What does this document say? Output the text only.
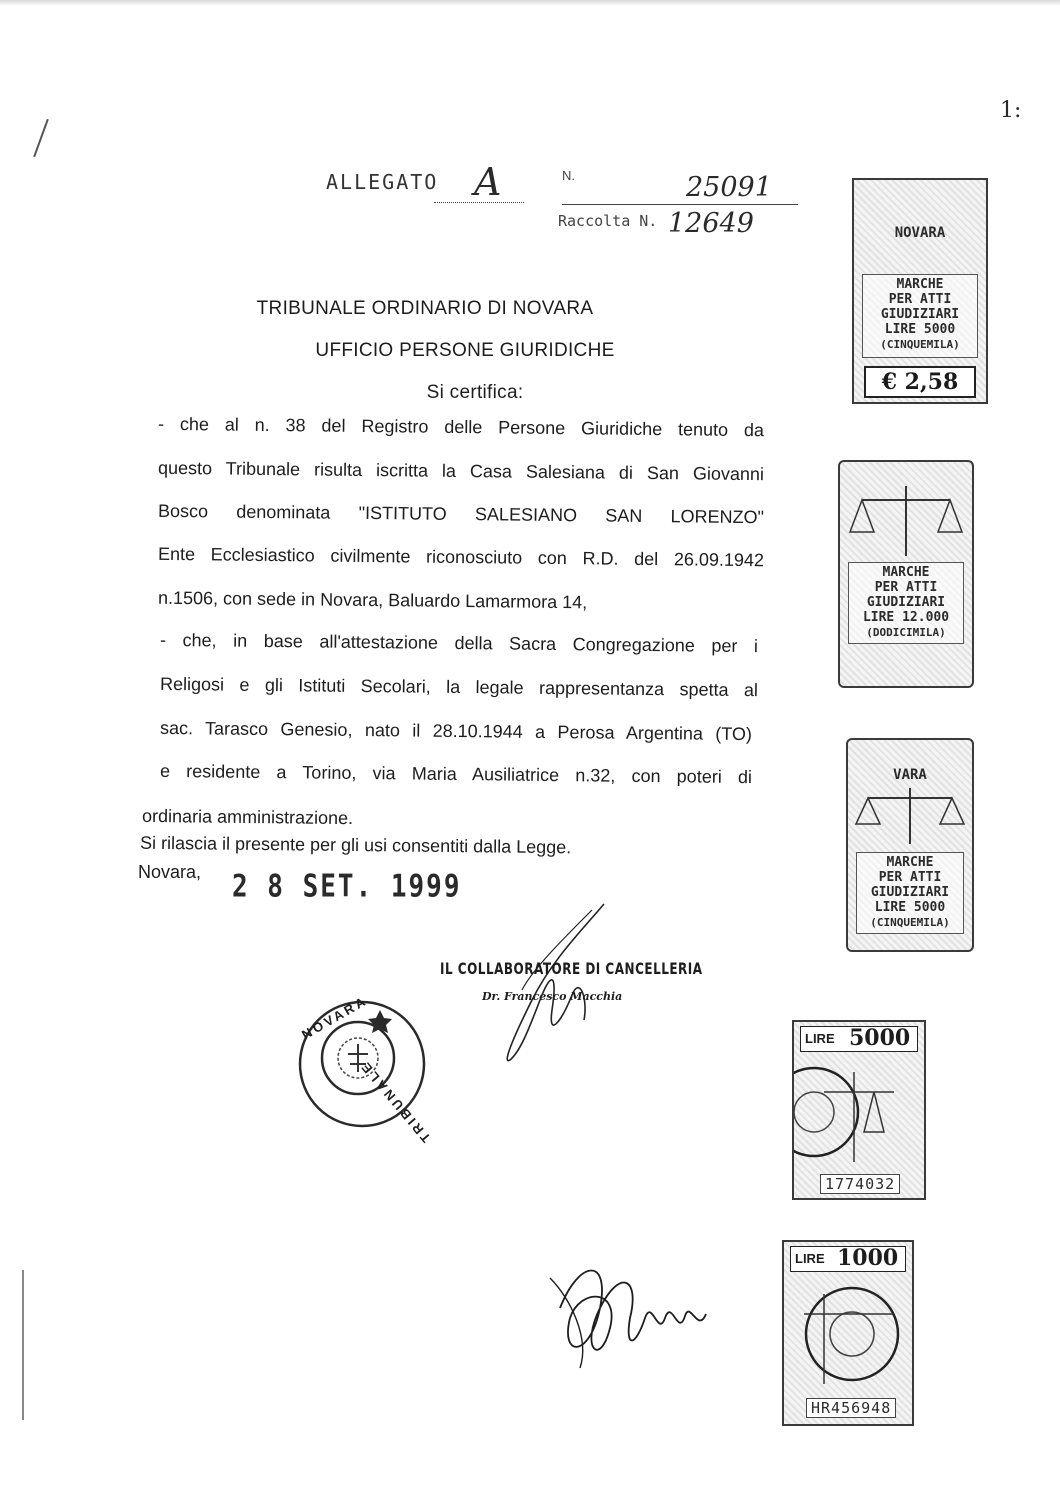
1:
ALLEGATO A	N.	25091
Raccolta N. 12649
TRIBUNALE ORDINARIO DI NOVARA
UFFICIO PERSONE GIURIDICHE
Si certifica:
- che al n. 38 del Registro delle Persone Giuridiche tenuto da
questo Tribunale risulta iscritta la Casa Salesiana di San Giovanni
Bosco denominata "ISTITUTO SALESIANO SAN LORENZO"
Ente Ecclesiastico civilmente riconosciuto con R.D. del 26.09.1942
n.1506, con sede in Novara, Baluardo Lamarmora 14,
- che, in base all'attestazione della Sacra Congregazione per i
Religosi e gli Istituti Secolari, la legale rappresentanza spetta al
sac. Tarasco Genesio, nato il 28.10.1944 a Perosa Argentina (TO)
e residente a Torino, via Maria Ausiliatrice n.32, con poteri di
ordinaria amministrazione.
Si rilascia il presente per gli usi consentiti dalla Legge.
Novara, 2 8 SET. 1999
IL COLLABORATORE DI CANCELLERIA
Dr. Francesco Macchia
NOVARA
TRIBUNALE
NOVARA
MARCHE
PER ATTI
GIUDIZIARI
LIRE 5000
(CINQUEMILA)
€ 2,58
MARCHE
PER ATTI
GIUDIZIARI
LIRE 12.000
(DODICIMILA)
VARA
MARCHE
PER ATTI
GIUDIZIARI
LIRE 5000
(CINQUEMILA)
LIRE 5000
1774032
LIRE 1000
HR456948
